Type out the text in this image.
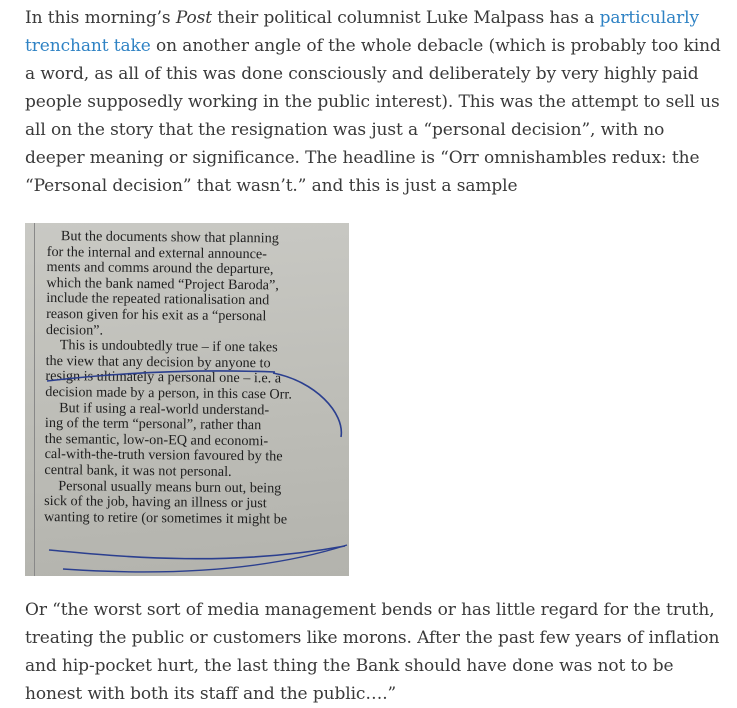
In this morning’s Post their political columnist Luke Malpass has a particularly trenchant take on another angle of the whole debacle (which is probably too kind a word, as all of this was done consciously and deliberately by very highly paid people supposedly working in the public interest). This was the attempt to sell us all on the story that the resignation was just a “personal decision”, with no deeper meaning or significance. The headline is “Orr omnishambles redux: the “Personal decision” that wasn’t.” and this is just a sample

But the documents show that planning
for the internal and external announce-
ments and comms around the departure,
which the bank named “Project Baroda”,
include the repeated rationalisation and
reason given for his exit as a “personal
decision”.
This is undoubtedly true – if one takes
the view that any decision by anyone to
resign is ultimately a personal one – i.e. a
decision made by a person, in this case Orr.
But if using a real-world understand-
ing of the term “personal”, rather than
the semantic, low-on-EQ and economi-
cal-with-the-truth version favoured by the
central bank, it was not personal.
Personal usually means burn out, being
sick of the job, having an illness or just
wanting to retire (or sometimes it might be

Or “the worst sort of media management bends or has little regard for the truth, treating the public or customers like morons. After the past few years of inflation and hip-pocket hurt, the last thing the Bank should have done was not to be honest with both its staff and the public….”
